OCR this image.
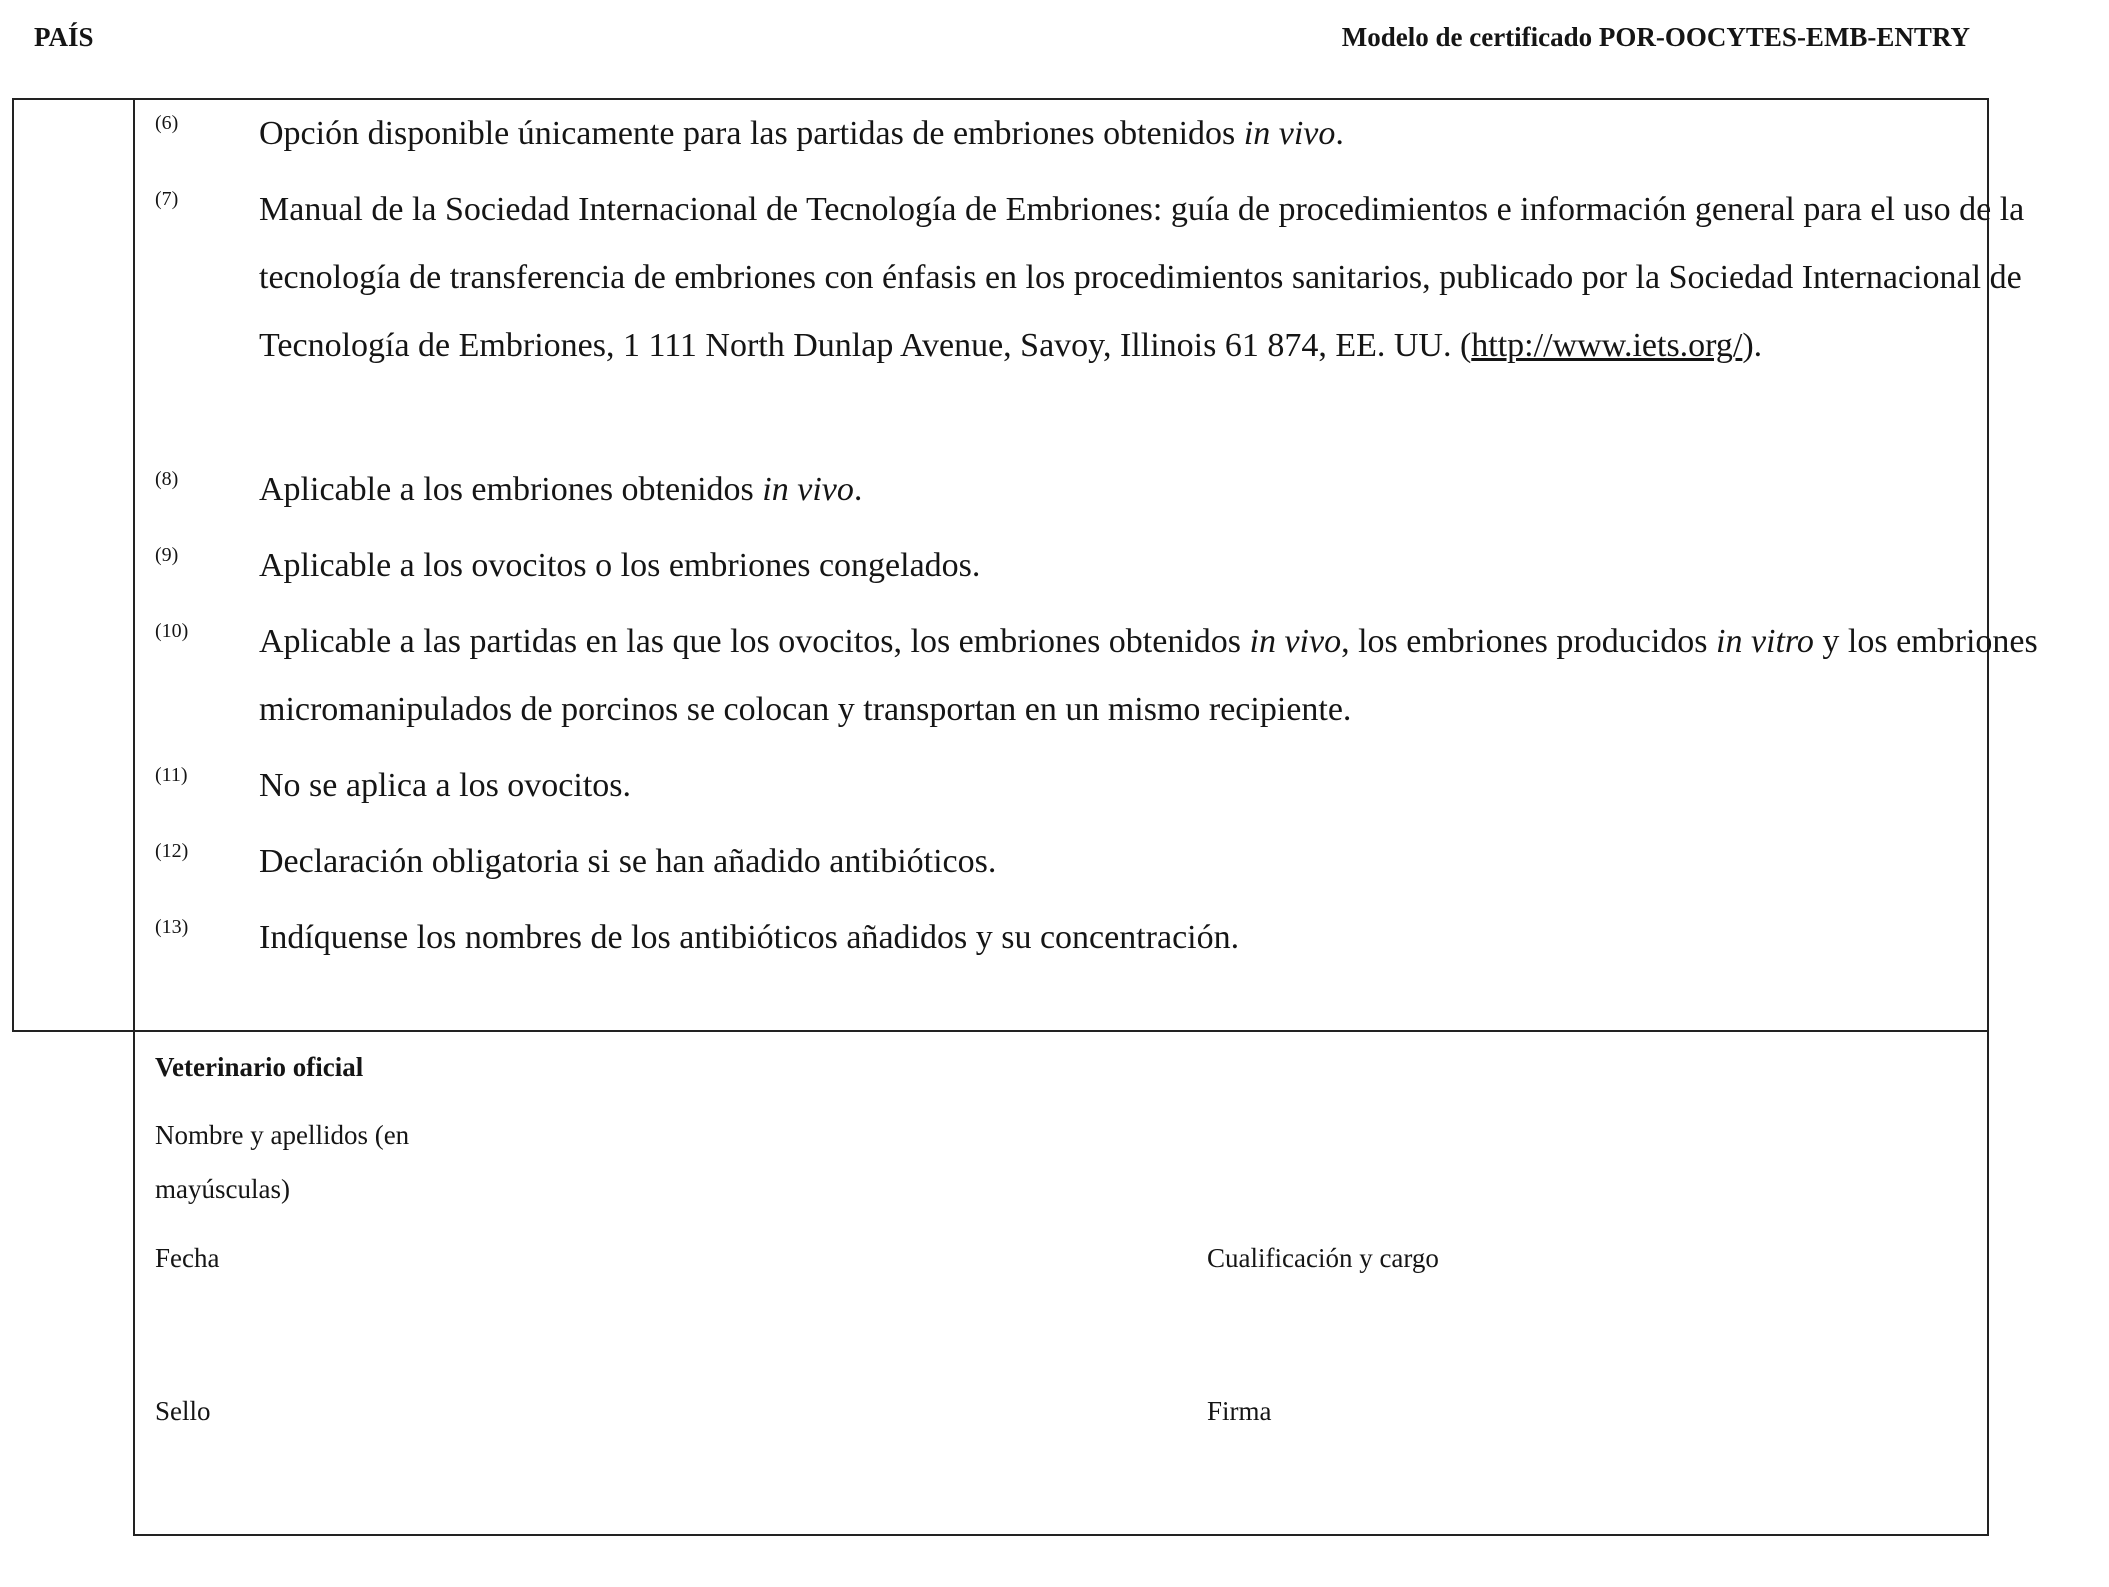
PAÍS	Modelo de certificado POR-OOCYTES-EMB-ENTRY
(6) Opción disponible únicamente para las partidas de embriones obtenidos in vivo.
(7) Manual de la Sociedad Internacional de Tecnología de Embriones: guía de procedimientos e información general para el uso de la tecnología de transferencia de embriones con énfasis en los procedimientos sanitarios, publicado por la Sociedad Internacional de Tecnología de Embriones, 1 111 North Dunlap Avenue, Savoy, Illinois 61 874, EE. UU. (http://www.iets.org/).
(8) Aplicable a los embriones obtenidos in vivo.
(9) Aplicable a los ovocitos o los embriones congelados.
(10) Aplicable a las partidas en las que los ovocitos, los embriones obtenidos in vivo, los embriones producidos in vitro y los embriones micromanipulados de porcinos se colocan y transportan en un mismo recipiente.
(11) No se aplica a los ovocitos.
(12) Declaración obligatoria si se han añadido antibióticos.
(13) Indíquense los nombres de los antibióticos añadidos y su concentración.
Veterinario oficial
Nombre y apellidos (en
mayúsculas)
Fecha	Cualificación y cargo
Sello	Firma
